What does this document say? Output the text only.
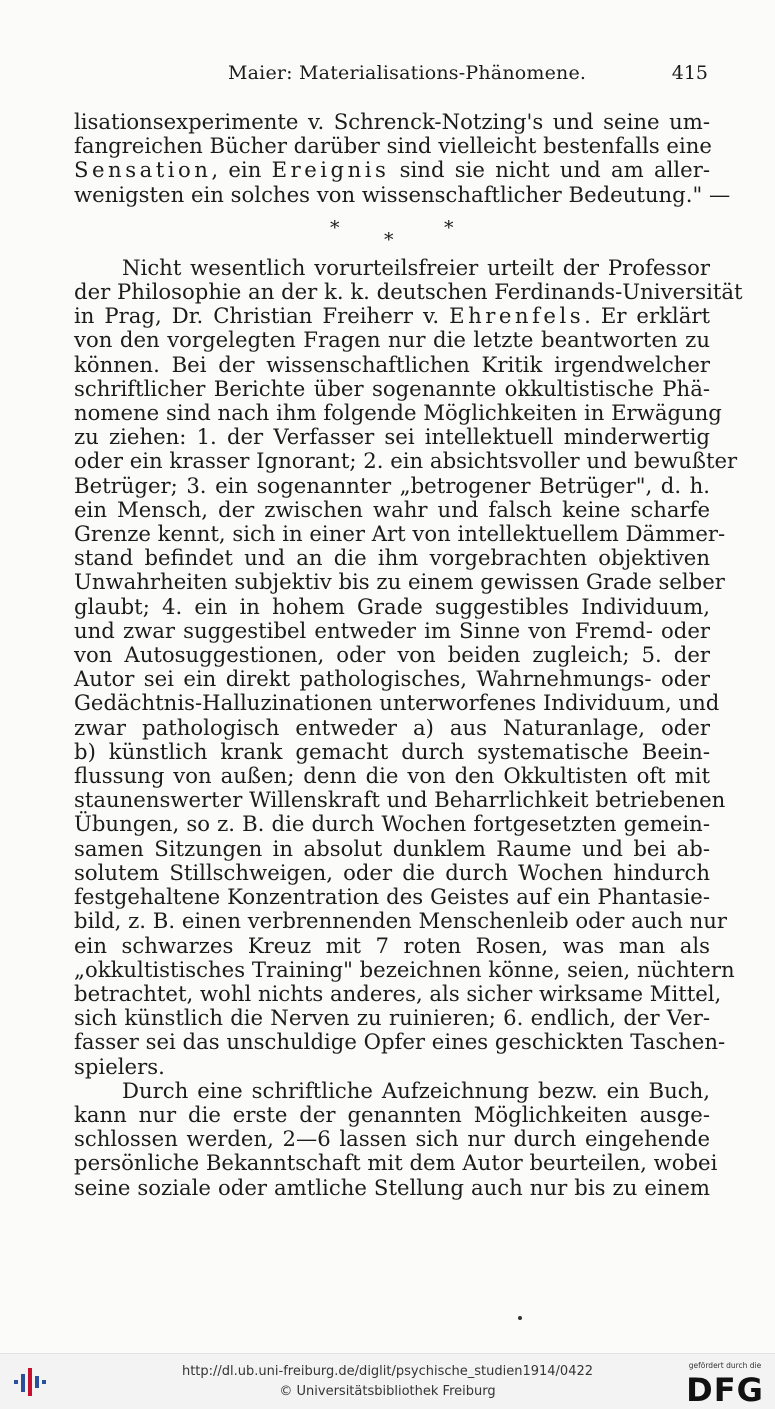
Maier: Materialisations-Phänomene.	415
lisationsexperimente v. Schrenck-Notzing's und seine um-
fangreichen Bücher darüber sind vielleicht bestenfalls eine
Sensation, ein Ereignis sind sie nicht und am aller-
wenigsten ein solches von wissenschaftlicher Bedeutung." —
*
*
*
Nicht wesentlich vorurteilsfreier urteilt der Professor
der Philosophie an der k. k. deutschen Ferdinands-Universität
in Prag, Dr. Christian Freiherr v. Ehrenfels. Er erklärt
von den vorgelegten Fragen nur die letzte beantworten zu
können. Bei der wissenschaftlichen Kritik irgendwelcher
schriftlicher Berichte über sogenannte okkultistische Phä-
nomene sind nach ihm folgende Möglichkeiten in Erwägung
zu ziehen: 1. der Verfasser sei intellektuell minderwertig
oder ein krasser Ignorant; 2. ein absichtsvoller und bewußter
Betrüger; 3. ein sogenannter „betrogener Betrüger", d. h.
ein Mensch, der zwischen wahr und falsch keine scharfe
Grenze kennt, sich in einer Art von intellektuellem Dämmer-
stand befindet und an die ihm vorgebrachten objektiven
Unwahrheiten subjektiv bis zu einem gewissen Grade selber
glaubt; 4. ein in hohem Grade suggestibles Individuum,
und zwar suggestibel entweder im Sinne von Fremd- oder
von Autosuggestionen, oder von beiden zugleich; 5. der
Autor sei ein direkt pathologisches, Wahrnehmungs- oder
Gedächtnis-Halluzinationen unterworfenes Individuum, und
zwar pathologisch entweder a) aus Naturanlage, oder
b) künstlich krank gemacht durch systematische Beein-
flussung von außen; denn die von den Okkultisten oft mit
staunenswerter Willenskraft und Beharrlichkeit betriebenen
Übungen, so z. B. die durch Wochen fortgesetzten gemein-
samen Sitzungen in absolut dunklem Raume und bei ab-
solutem Stillschweigen, oder die durch Wochen hindurch
festgehaltene Konzentration des Geistes auf ein Phantasie-
bild, z. B. einen verbrennenden Menschenleib oder auch nur
ein schwarzes Kreuz mit 7 roten Rosen, was man als
„okkultistisches Training" bezeichnen könne, seien, nüchtern
betrachtet, wohl nichts anderes, als sicher wirksame Mittel,
sich künstlich die Nerven zu ruinieren; 6. endlich, der Ver-
fasser sei das unschuldige Opfer eines geschickten Taschen-
spielers.
Durch eine schriftliche Aufzeichnung bezw. ein Buch,
kann nur die erste der genannten Möglichkeiten ausge-
schlossen werden, 2—6 lassen sich nur durch eingehende
persönliche Bekanntschaft mit dem Autor beurteilen, wobei
seine soziale oder amtliche Stellung auch nur bis zu einem
http://dl.ub.uni-freiburg.de/diglit/psychische_studien1914/0422
© Universitätsbibliothek Freiburg
gefördert durch die
DFG
